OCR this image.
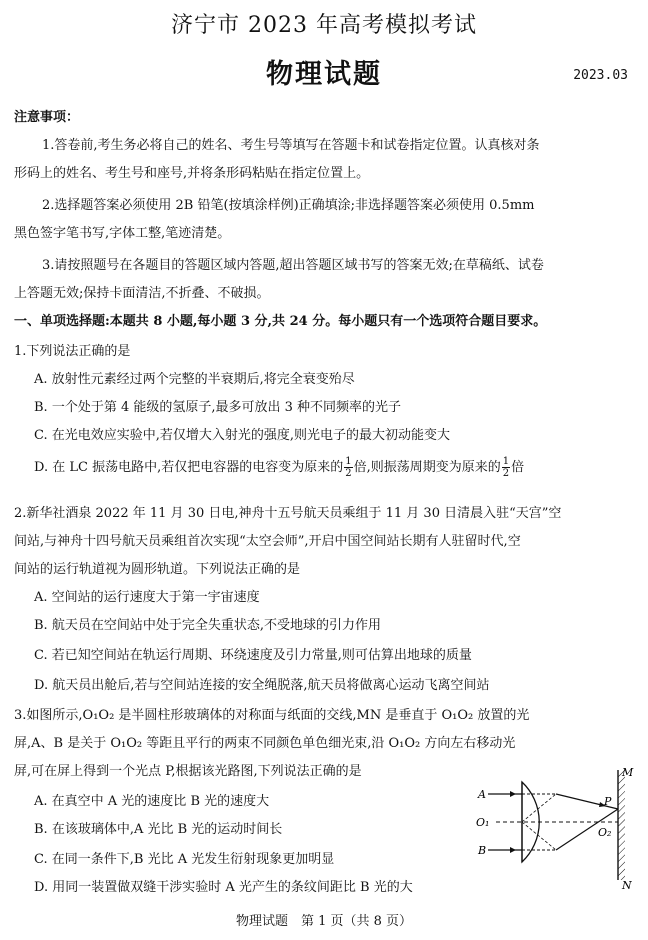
济宁市 2023 年高考模拟考试
物理试题	2023.03
注意事项：
1.答卷前,考生务必将自己的姓名、考生号等填写在答题卡和试卷指定位置。认真核对条
形码上的姓名、考生号和座号,并将条形码粘贴在指定位置上。
2.选择题答案必须使用 2B 铅笔(按填涂样例)正确填涂;非选择题答案必须使用 0.5mm
黑色签字笔书写,字体工整,笔迹清楚。
3.请按照题号在各题目的答题区域内答题,超出答题区域书写的答案无效;在草稿纸、试卷
上答题无效;保持卡面清洁,不折叠、不破损。
一、单项选择题:本题共 8 小题,每小题 3 分,共 24 分。每小题只有一个选项符合题目要求。
1.下列说法正确的是
A. 放射性元素经过两个完整的半衰期后,将完全衰变殆尽
B. 一个处于第 4 能级的氢原子,最多可放出 3 种不同频率的光子
C. 在光电效应实验中,若仅增大入射光的强度,则光电子的最大初动能变大
D. 在 LC 振荡电路中,若仅把电容器的电容变为原来的 $\frac{1}{2}$ 倍,则振荡周期变为原来的 $\frac{1}{2}$ 倍
2.新华社酒泉 2022 年 11 月 30 日电,神舟十五号航天员乘组于 11 月 30 日清晨入驻“天宫”空
间站,与神舟十四号航天员乘组首次实现“太空会师”,开启中国空间站长期有人驻留时代,空
间站的运行轨道视为圆形轨道。下列说法正确的是
A. 空间站的运行速度大于第一宇宙速度
B. 航天员在空间站中处于完全失重状态,不受地球的引力作用
C. 若已知空间站在轨运行周期、环绕速度及引力常量,则可估算出地球的质量
D. 航天员出舱后,若与空间站连接的安全绳脱落,航天员将做离心运动飞离空间站
3.如图所示,O₁O₂ 是半圆柱形玻璃体的对称面与纸面的交线,MN 是垂直于 O₁O₂ 放置的光
屏,A、B 是关于 O₁O₂ 等距且平行的两束不同颜色单色细光束,沿 O₁O₂ 方向左右移动光
屏,可在屏上得到一个光点 P,根据该光路图,下列说法正确的是
A. 在真空中 A 光的速度比 B 光的速度大
B. 在该玻璃体中,A 光比 B 光的运动时间长
C. 在同一条件下,B 光比 A 光发生衍射现象更加明显
D. 用同一装置做双缝干涉实验时 A 光产生的条纹间距比 B 光的大
M
N
P
A
B
O₁
O₂
物理试题　第 1 页（共 8 页）
